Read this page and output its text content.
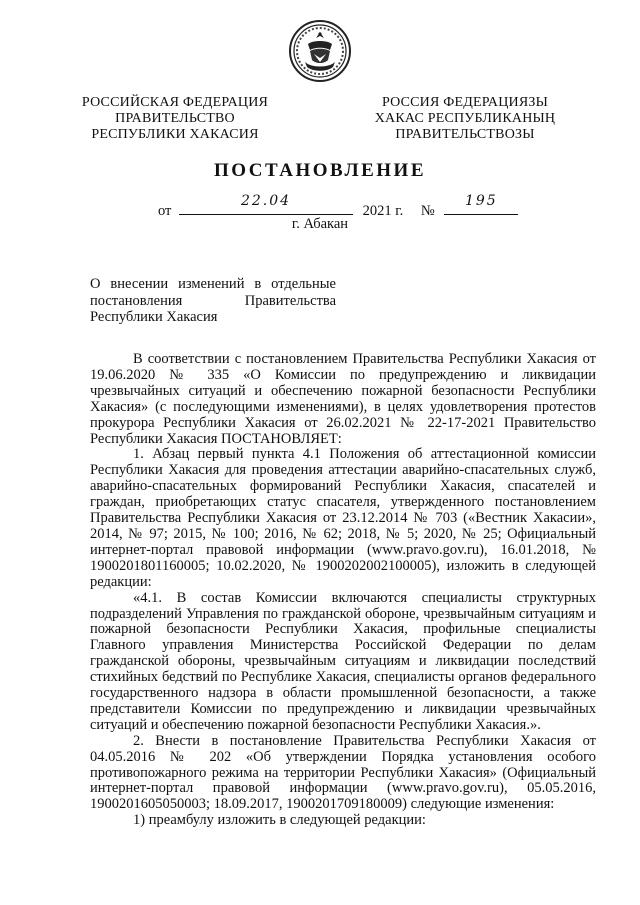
РОССИЙСКАЯ ФЕДЕРАЦИЯ
ПРАВИТЕЛЬСТВО
РЕСПУБЛИКИ ХАКАСИЯ
РОССИЯ ФЕДЕРАЦИЯЗЫ
ХАКАС РЕСПУБЛИКАНЫҢ
ПРАВИТЕЛЬСТВОЗЫ
ПОСТАНОВЛЕНИЕ
от
22.04
2021 г. №
195
г. Абакан

О внесении изменений в отдельные

постановления Правительства

Республики Хакасия

В соответствии с постановлением Правительства Республики Хакасия от 19.06.2020 № 335 «О Комиссии по предупреждению и ликвидации чрезвычайных ситуаций и обеспечению пожарной безопасности Республики Хакасия» (с последующими изменениями), в целях удовлетворения протестов прокурора Республики Хакасия от 26.02.2021 № 22-17-2021 Правительство Республики Хакасия ПОСТАНОВЛЯЕТ:

1. Абзац первый пункта 4.1 Положения об аттестационной комиссии Республики Хакасия для проведения аттестации аварийно-спасательных служб, аварийно-спасательных формирований Республики Хакасия, спасателей и граждан, приобретающих статус спасателя, утвержденного постановлением Правительства Республики Хакасия от 23.12.2014 № 703 («Вестник Хакасии», 2014, № 97; 2015, № 100; 2016, № 62; 2018, № 5; 2020, № 25; Официальный интернет-портал правовой информации (www.pravo.gov.ru), 16.01.2018, № 1900201801160005; 10.02.2020, № 1900202002100005), изложить в следующей редакции:

«4.1. В состав Комиссии включаются специалисты структурных подразделений Управления по гражданской обороне, чрезвычайным ситуациям и пожарной безопасности Республики Хакасия, профильные специалисты Главного управления Министерства Российской Федерации по делам гражданской обороны, чрезвычайным ситуациям и ликвидации последствий стихийных бедствий по Республике Хакасия, специалисты органов федерального государственного надзора в области промышленной безопасности, а также представители Комиссии по предупреждению и ликвидации чрезвычайных ситуаций и обеспечению пожарной безопасности Республики Хакасия.».

2. Внести в постановление Правительства Республики Хакасия от 04.05.2016 № 202 «Об утверждении Порядка установления особого противопожарного режима на территории Республики Хакасия» (Официальный интернет-портал правовой информации (www.pravo.gov.ru), 05.05.2016, 1900201605050003; 18.09.2017, 1900201709180009) следующие изменения:

1) преамбулу изложить в следующей редакции:
